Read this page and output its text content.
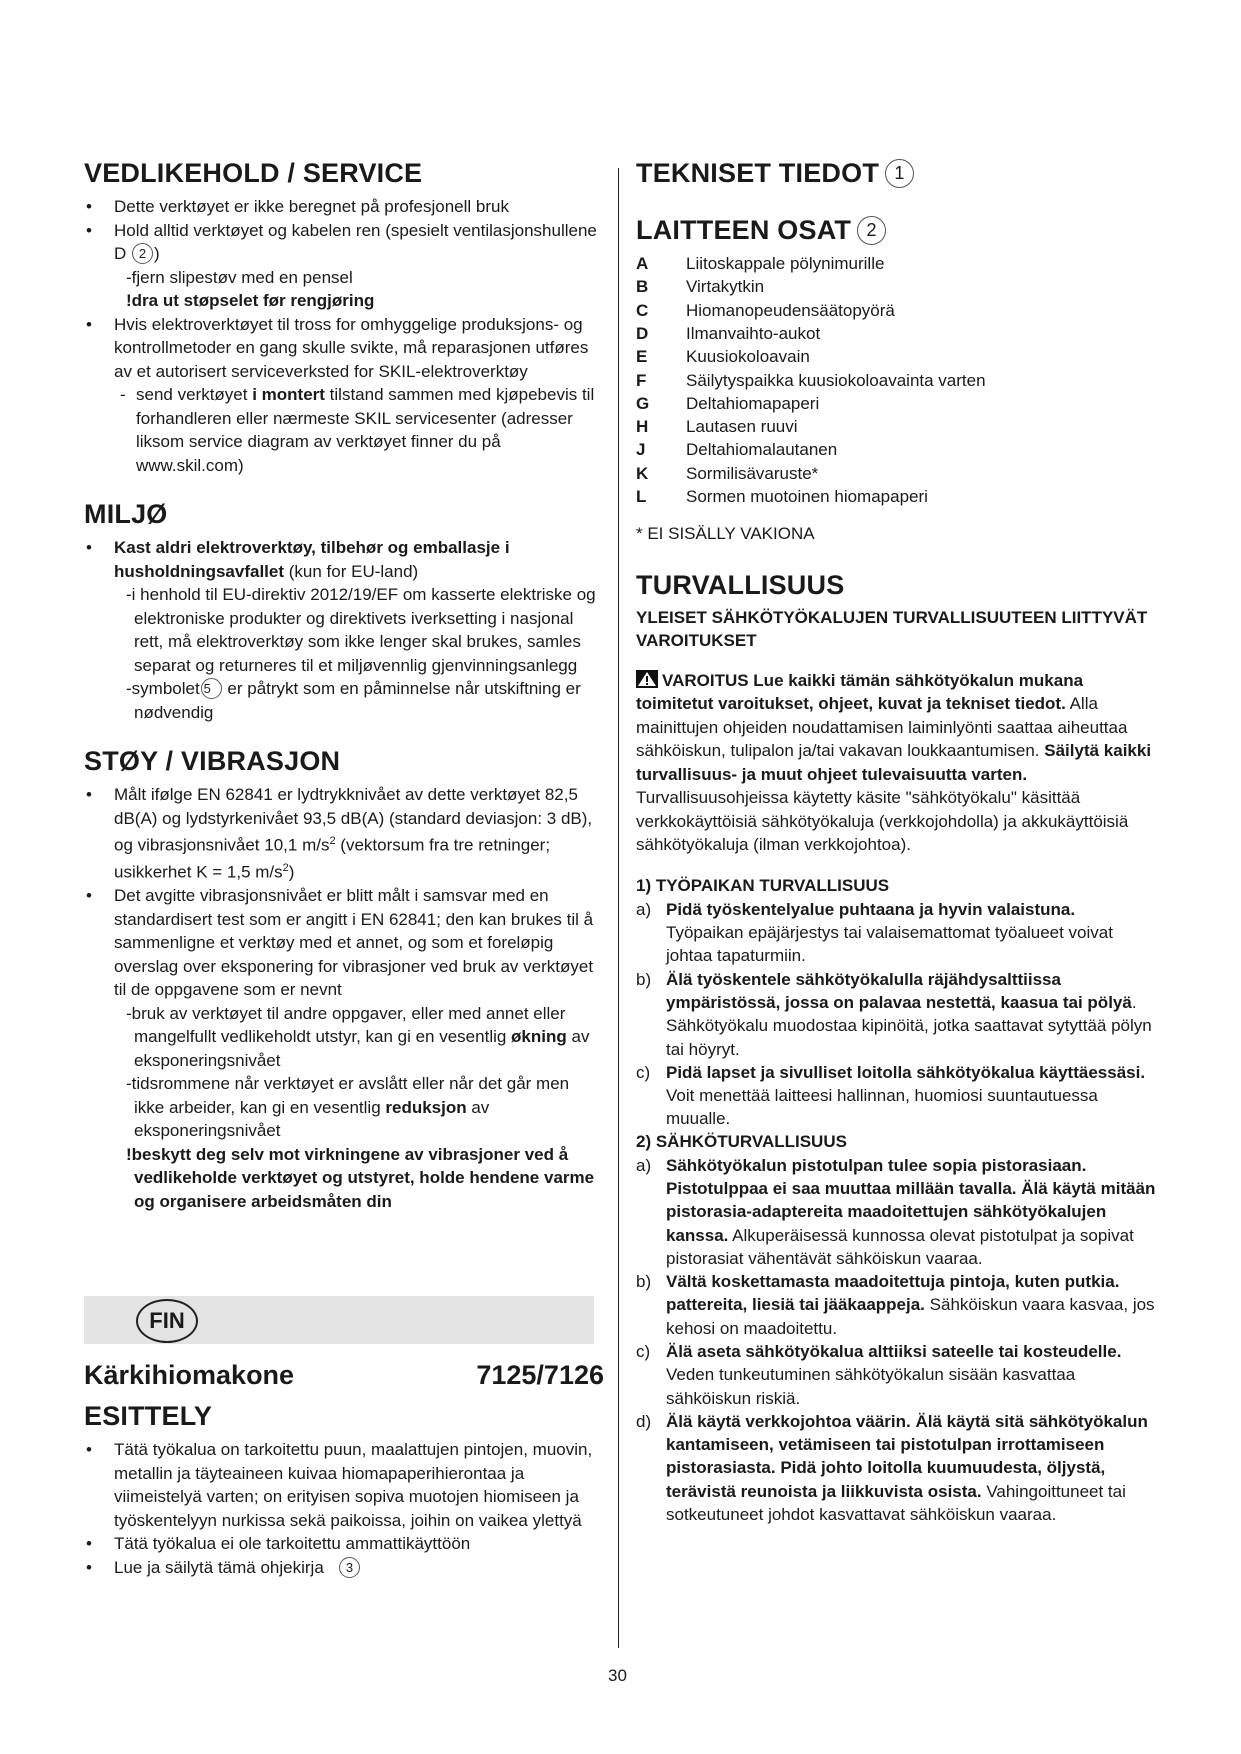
VEDLIKEHOLD / SERVICE
• Dette verktøyet er ikke beregnet på profesjonell bruk
• Hold alltid verktøyet og kabelen ren (spesielt ventilasjonshullene D 2 )
-fjern slipestøv med en pensel
!dra ut støpselet før rengjøring
• Hvis elektroverktøyet til tross for omhyggelige produksjons- og kontrollmetoder en gang skulle svikte, må reparasjonen utføres av et autorisert serviceverksted for SKIL-elektroverktøy
- send verktøyet i montert tilstand sammen med kjøpebevis til forhandleren eller nærmeste SKIL servicesenter (adresser liksom service diagram av verktøyet finner du på www.skil.com)
MILJØ
• Kast aldri elektroverktøy, tilbehør og emballasje i husholdningsavfallet (kun for EU-land)
-i henhold til EU-direktiv 2012/19/EF om kasserte elektriske og elektroniske produkter og direktivets iverksetting i nasjonal rett, må elektroverktøy som ikke lenger skal brukes, samles separat og returneres til et miljøvennlig gjenvinningsanlegg
-symbolet 5 er påtrykt som en påminnelse når utskiftning er nødvendig
STØY / VIBRASJON
• Målt ifølge EN 62841 er lydtrykknivået av dette verktøyet 82,5 dB(A) og lydstyrkenivået 93,5 dB(A) (standard deviasjon: 3 dB), og vibrasjonsnivået 10,1 $m/s^2$ (vektorsum fra tre retninger; usikkerhet K = 1,5 $m/s^2$)
• Det avgitte vibrasjonsnivået er blitt målt i samsvar med en standardisert test som er angitt i EN 62841; den kan brukes til å sammenligne et verktøy med et annet, og som et foreløpig overslag over eksponering for vibrasjoner ved bruk av verktøyet til de oppgavene som er nevnt
-bruk av verktøyet til andre oppgaver, eller med annet eller mangelfullt vedlikeholdt utstyr, kan gi en vesentlig økning av eksponeringsnivået
-tidsrommene når verktøyet er avslått eller når det går men ikke arbeider, kan gi en vesentlig reduksjon av eksponeringsnivået
!beskytt deg selv mot virkningene av vibrasjoner ved å vedlikeholde verktøyet og utstyret, holde hendene varme og organisere arbeidsmåten din
FIN
Kärkihiomakone	7125/7126
ESITTELY
• Tätä työkalua on tarkoitettu puun, maalattujen pintojen, muovin, metallin ja täyteaineen kuivaa hiomapaperihierontaa ja viimeistelyä varten; on erityisen sopiva muotojen hiomiseen ja työskentelyyn nurkissa sekä paikoissa, joihin on vaikea ylettyä
• Tätä työkalua ei ole tarkoitettu ammattikäyttöön
• Lue ja säilytä tämä ohjekirja 3
TEKNISET TIEDOT 1
LAITTEEN OSAT 2
A	Liitoskappale pölynimurille
B	Virtakytkin
C	Hiomanopeudensäätopyörä
D	Ilmanvaihto-aukot
E	Kuusiokoloavain
F	Säilytyspaikka kuusiokoloavainta varten
G	Deltahiomapaperi
H	Lautasen ruuvi
J	Deltahiomalautanen
K	Sormilisävaruste*
L	Sormen muotoinen hiomapaperi

* EI SISÄLLY VAKIONA

TURVALLISUUS
YLEISET SÄHKÖTYÖKALUJEN TURVALLISUUTEEN LIITTYVÄT VAROITUKSET

VAROITUS Lue kaikki tämän sähkötyökalun mukana toimitetut varoitukset, ohjeet, kuvat ja tekniset tiedot. Alla mainittujen ohjeiden noudattamisen laiminlyönti saattaa aiheuttaa sähköiskun, tulipalon ja/tai vakavan loukkaantumisen. Säilytä kaikki turvallisuus- ja muut ohjeet tulevaisuutta varten. Turvallisuusohjeissa käytetty käsite "sähkötyökalu" käsittää verkkokäyttöisiä sähkötyökaluja (verkkojohdolla) ja akkukäyttöisiä sähkötyökaluja (ilman verkkojohtoa).

1) TYÖPAIKAN TURVALLISUUS
a) Pidä työskentelyalue puhtaana ja hyvin valaistuna. Työpaikan epäjärjestys tai valaisemattomat työalueet voivat johtaa tapaturmiin.
b) Älä työskentele sähkötyökalulla räjähdysalttiissa ympäristössä, jossa on palavaa nestettä, kaasua tai pölyä. Sähkötyökalu muodostaa kipinöitä, jotka saattavat sytyttää pölyn tai höyryt.
c) Pidä lapset ja sivulliset loitolla sähkötyökalua käyttäessäsi. Voit menettää laitteesi hallinnan, huomiosi suuntautuessa muualle.
2) SÄHKÖTURVALLISUUS
a) Sähkötyökalun pistotulpan tulee sopia pistorasiaan. Pistotulppaa ei saa muuttaa millään tavalla. Älä käytä mitään pistorasia-adaptereita maadoitettujen sähkötyökalujen kanssa. Alkuperäisessä kunnossa olevat pistotulpat ja sopivat pistorasiat vähentävät sähköiskun vaaraa.
b) Vältä koskettamasta maadoitettuja pintoja, kuten putkia. pattereita, liesiä tai jääkaappeja. Sähköiskun vaara kasvaa, jos kehosi on maadoitettu.
c) Älä aseta sähkötyökalua alttiiksi sateelle tai kosteudelle. Veden tunkeutuminen sähkötyökalun sisään kasvattaa sähköiskun riskiä.
d) Älä käytä verkkojohtoa väärin. Älä käytä sitä sähkötyökalun kantamiseen, vetämiseen tai pistotulpan irrottamiseen pistorasiasta. Pidä johto loitolla kuumuudesta, öljystä, terävistä reunoista ja liikkuvista osista. Vahingoittuneet tai sotkeutuneet johdot kasvattavat sähköiskun vaaraa.
30
